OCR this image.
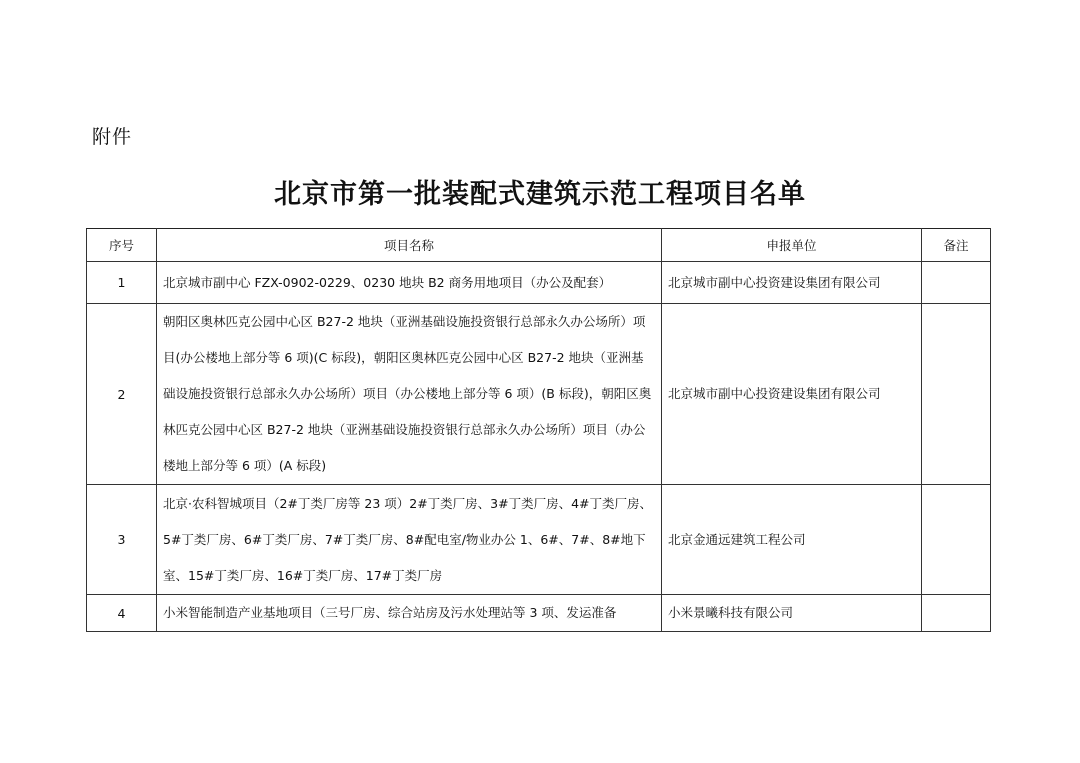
附件
北京市第一批装配式建筑示范工程项目名单
序号	项目名称	申报单位	备注
1	北京城市副中心 FZX-0902-0229、0230 地块 B2 商务用地项目（办公及配套）	北京城市副中心投资建设集团有限公司	
2	朝阳区奥林匹克公园中心区 B27-2 地块（亚洲基础设施投资银行总部永久办公场所）项目(办公楼地上部分等 6 项)(C 标段)，朝阳区奥林匹克公园中心区 B27-2 地块（亚洲基础设施投资银行总部永久办公场所）项目（办公楼地上部分等 6 项）(B 标段)，朝阳区奥林匹克公园中心区 B27-2 地块（亚洲基础设施投资银行总部永久办公场所）项目（办公楼地上部分等 6 项）(A 标段)	北京城市副中心投资建设集团有限公司	
3	北京·农科智城项目（2#丁类厂房等 23 项）2#丁类厂房、3#丁类厂房、4#丁类厂房、5#丁类厂房、6#丁类厂房、7#丁类厂房、8#配电室/物业办公 1、6#、7#、8#地下室、15#丁类厂房、16#丁类厂房、17#丁类厂房	北京金通远建筑工程公司	
4	小米智能制造产业基地项目（三号厂房、综合站房及污水处理站等 3 项、发运准备	小米景曦科技有限公司	
